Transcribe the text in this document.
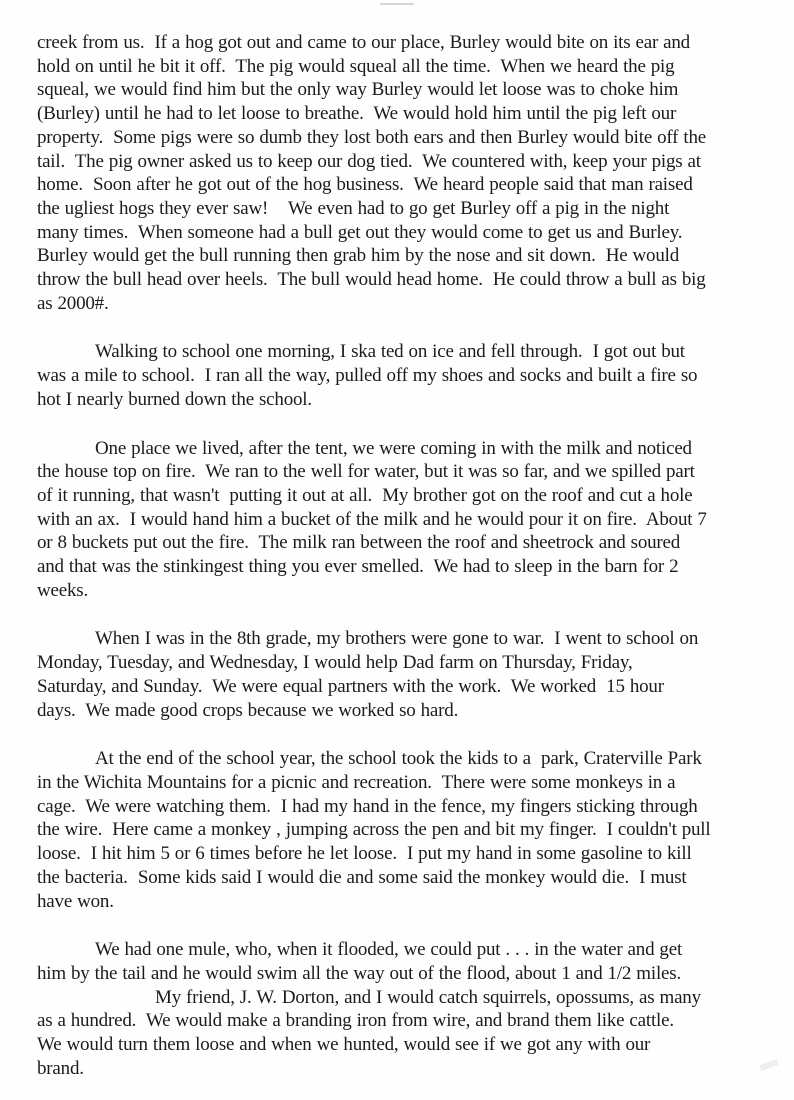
creek from us.  If a hog got out and came to our place, Burley would bite on its ear and
hold on until he bit it off.  The pig would squeal all the time.  When we heard the pig
squeal, we would find him but the only way Burley would let loose was to choke him
(Burley) until he had to let loose to breathe.  We would hold him until the pig left our
property.  Some pigs were so dumb they lost both ears and then Burley would bite off the
tail.  The pig owner asked us to keep our dog tied.  We countered with, keep your pigs at
home.  Soon after he got out of the hog business.  We heard people said that man raised
the ugliest hogs they ever saw!    We even had to go get Burley off a pig in the night
many times.  When someone had a bull get out they would come to get us and Burley.
Burley would get the bull running then grab him by the nose and sit down.  He would
throw the bull head over heels.  The bull would head home.  He could throw a bull as big
as 2000#.
Walking to school one morning, I ska ted on ice and fell through.  I got out but
was a mile to school.  I ran all the way, pulled off my shoes and socks and built a fire so
hot I nearly burned down the school.
One place we lived, after the tent, we were coming in with the milk and noticed
the house top on fire.  We ran to the well for water, but it was so far, and we spilled part
of it running, that wasn't  putting it out at all.  My brother got on the roof and cut a hole
with an ax.  I would hand him a bucket of the milk and he would pour it on fire.  About 7
or 8 buckets put out the fire.  The milk ran between the roof and sheetrock and soured
and that was the stinkingest thing you ever smelled.  We had to sleep in the barn for 2
weeks.
When I was in the 8th grade, my brothers were gone to war.  I went to school on
Monday, Tuesday, and Wednesday, I would help Dad farm on Thursday, Friday,
Saturday, and Sunday.  We were equal partners with the work.  We worked  15 hour
days.  We made good crops because we worked so hard.
At the end of the school year, the school took the kids to a  park, Craterville Park
in the Wichita Mountains for a picnic and recreation.  There were some monkeys in a
cage.  We were watching them.  I had my hand in the fence, my fingers sticking through
the wire.  Here came a monkey , jumping across the pen and bit my finger.  I couldn't pull
loose.  I hit him 5 or 6 times before he let loose.  I put my hand in some gasoline to kill
the bacteria.  Some kids said I would die and some said the monkey would die.  I must
have won.
We had one mule, who, when it flooded, we could put . . . in the water and get
him by the tail and he would swim all the way out of the flood, about 1 and 1/2 miles.
My friend, J. W. Dorton, and I would catch squirrels, opossums, as many
as a hundred.  We would make a branding iron from wire, and brand them like cattle.
We would turn them loose and when we hunted, would see if we got any with our
brand.
